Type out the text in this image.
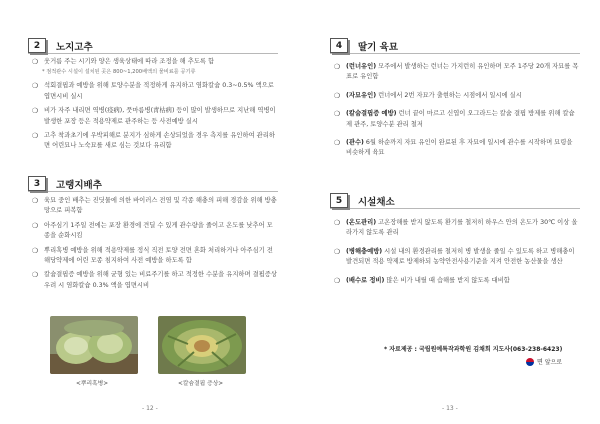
2	노지고추
❍ 웃거름 주는 시기와 양은 생육상태에 따라 조정을 해 추도록 함
* 점적관수 시설이 설치된 곳은 800~1,200배액의 물비료를 공기류
❍ 석회결핍과 예방을 위해 토양수분을 적정하게 유지하고 염화칼슘 0.3~0.5% 액으로 엽면시비 실시
❍ 비가 자주 내리면 역병(疫病), 풋마름병(靑枯病) 등이 많이 발생하므로 지난해 역병이 발생한 포장 등은 적용약제로 관주하는 등 사전예방 실시
❍ 고추 착과초기에 우박피해로 분지가 심하게 손상되었을 경우 측지를 유인하여 관리하면 어린묘나 노숙묘를 새로 심는 것보다 유리함
3	고랭지배추
❍ 육묘 중인 배추는 진딧물에 의한 바이러스 전염 및 각종 해충의 피해 경감을 위해 방충망으로 피복함
❍ 아주심기 1주일 전에는 포장 환경에 견딜 수 있게 관수량을 줄이고 온도를 낮추어 모종을 순화시킴
❍ 뿌리혹병 예방을 위해 적용약제를 정식 직전 토양 전면 혼화 처리하거나 아주심기 전 해당약제에 어린 모종 침지하여 사전 예방을 하도록 함
❍ 칼슘결핍증 예방을 위해 균형 있는 비료주기를 하고 적정한 수분을 유지하며 결핍증상 우려 시 염화칼슘 0.3% 액을 엽면시비
<뿌리혹병>	<칼슘결핍 증상>
- 12 -
4	딸기 육묘
❍ (런너유인) 모주에서 발생하는 런너는 가지런히 유인하며 모주 1주당 20개 자묘를 목표로 유인함
❍ (자묘유인) 런너에서 2번 자묘가 출현하는 시점에서 일시에 실시
❍ (칼슘결핍증 예방) 런너 끝이 마르고 신엽이 오그라드는 칼슘 결핍 방제를 위해 칼슘제 관주, 토양수분 관리 철저
❍ (관수) 6월 하순까지 자묘 유인이 완료된 후 자묘에 일시에 관수를 시작하며 묘령을 비슷하게 육묘
5	시설채소
❍ (온도관리) 고온장해를 받지 않도록 환기를 철저히 하우스 안의 온도가 30℃ 이상 올라가지 않도록 관리
❍ (병해충예방) 시설 내의 환경관리를 철저히 병 발생을 줄일 수 있도록 하고 병해충이 발견되면 적용 약제로 방제하되 농약안전사용기준을 지켜 안전한 농산물을 생산
❍ (배수로 정비) 많은 비가 내릴 때 습해를 받지 않도록 대비함
* 자료제공 : 국립원예특작과학원 김채희 지도사(063-238-6423)
면 앞으로
- 13 -
